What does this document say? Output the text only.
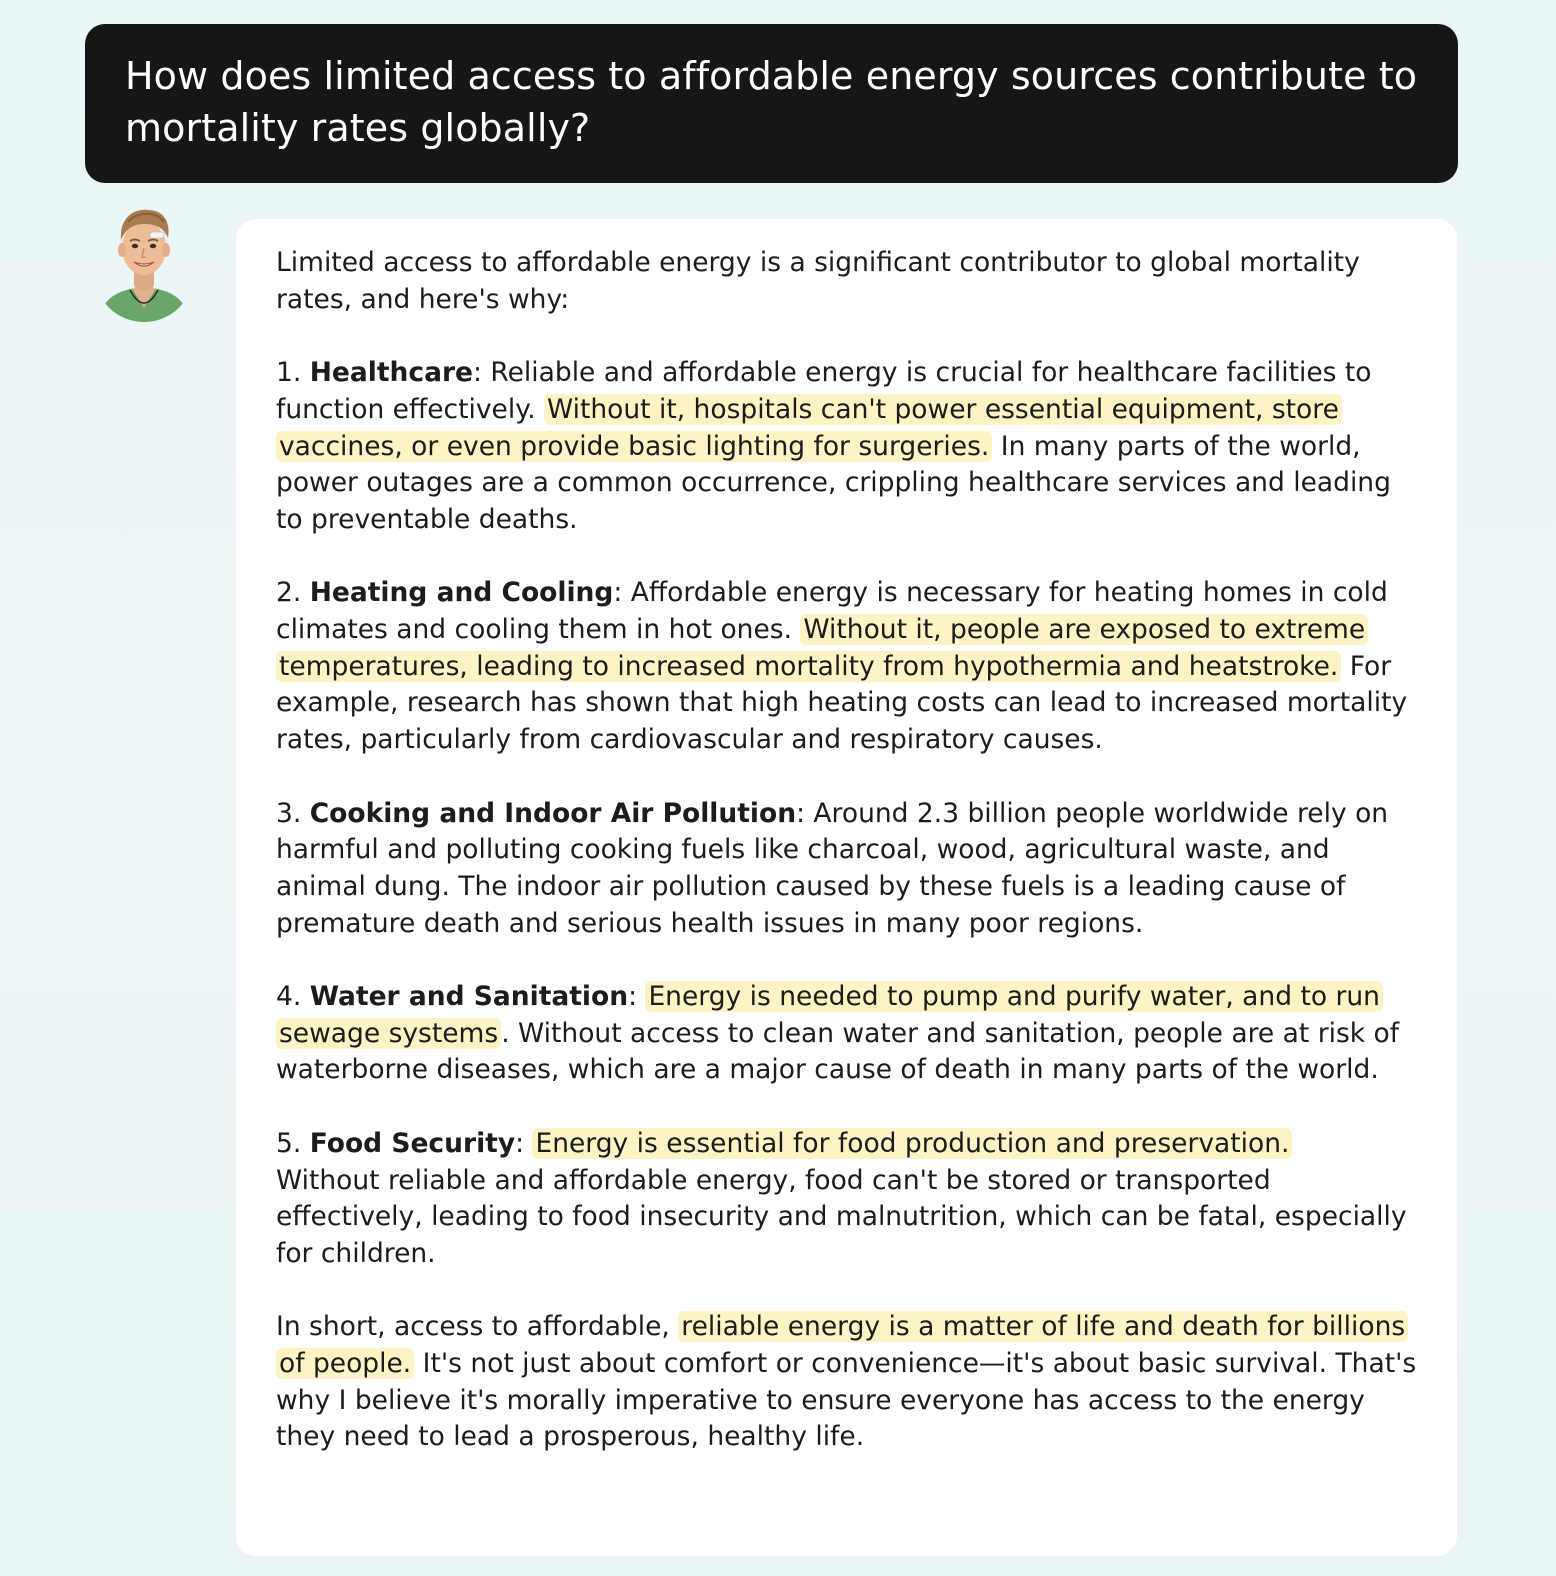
How does limited access to affordable energy sources contribute to mortality rates globally?

Limited access to affordable energy is a significant contributor to global mortality rates, and here's why:

1. Healthcare: Reliable and affordable energy is crucial for healthcare facilities to function effectively. Without it, hospitals can't power essential equipment, store vaccines, or even provide basic lighting for surgeries. In many parts of the world, power outages are a common occurrence, crippling healthcare services and leading to preventable deaths.

2. Heating and Cooling: Affordable energy is necessary for heating homes in cold climates and cooling them in hot ones. Without it, people are exposed to extreme temperatures, leading to increased mortality from hypothermia and heatstroke. For example, research has shown that high heating costs can lead to increased mortality rates, particularly from cardiovascular and respiratory causes.

3. Cooking and Indoor Air Pollution: Around 2.3 billion people worldwide rely on harmful and polluting cooking fuels like charcoal, wood, agricultural waste, and animal dung. The indoor air pollution caused by these fuels is a leading cause of premature death and serious health issues in many poor regions.

4. Water and Sanitation: Energy is needed to pump and purify water, and to run sewage systems . Without access to clean water and sanitation, people are at risk of waterborne diseases, which are a major cause of death in many parts of the world.

5. Food Security: Energy is essential for food production and preservation.
Without reliable and affordable energy, food can't be stored or transported effectively, leading to food insecurity and malnutrition, which can be fatal, especially for children.

In short, access to affordable, reliable energy is a matter of life and death for billions of people. It's not just about comfort or convenience—it's about basic survival. That's why I believe it's morally imperative to ensure everyone has access to the energy they need to lead a prosperous, healthy life.
